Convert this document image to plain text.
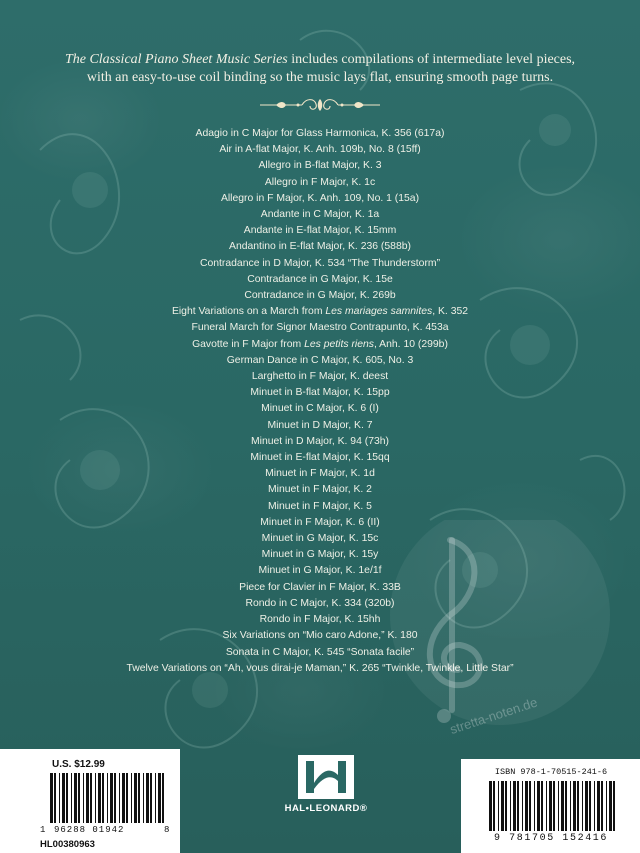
The Classical Piano Sheet Music Series includes compilations of intermediate level pieces,
with an easy-to-use coil binding so the music lays flat, ensuring smooth page turns.
Adagio in C Major for Glass Harmonica, K. 356 (617a)
Air in A-flat Major, K. Anh. 109b, No. 8 (15ff)
Allegro in B-flat Major, K. 3
Allegro in F Major, K. 1c
Allegro in F Major, K. Anh. 109, No. 1 (15a)
Andante in C Major, K. 1a
Andante in E-flat Major, K. 15mm
Andantino in E-flat Major, K. 236 (588b)
Contradance in D Major, K. 534 “The Thunderstorm”
Contradance in G Major, K. 15e
Contradance in G Major, K. 269b
Eight Variations on a March from Les mariages samnites, K. 352
Funeral March for Signor Maestro Contrapunto, K. 453a
Gavotte in F Major from Les petits riens, Anh. 10 (299b)
German Dance in C Major, K. 605, No. 3
Larghetto in F Major, K. deest
Minuet in B-flat Major, K. 15pp
Minuet in C Major, K. 6 (I)
Minuet in D Major, K. 7
Minuet in D Major, K. 94 (73h)
Minuet in E-flat Major, K. 15qq
Minuet in F Major, K. 1d
Minuet in F Major, K. 2
Minuet in F Major, K. 5
Minuet in F Major, K. 6 (II)
Minuet in G Major, K. 15c
Minuet in G Major, K. 15y
Minuet in G Major, K. 1e/1f
Piece for Clavier in F Major, K. 33B
Rondo in C Major, K. 334 (320b)
Rondo in F Major, K. 15hh
Six Variations on “Mio caro Adone,” K. 180
Sonata in C Major, K. 545 “Sonata facile”
Twelve Variations on “Ah, vous dirai-je Maman,” K. 265 “Twinkle, Twinkle, Little Star”
stretta-noten.de
U.S. $12.99
1 96288 01942	8
HL00380963
HAL•LEONARD®
ISBN 978-1-70515-241-6
9 781705 152416
